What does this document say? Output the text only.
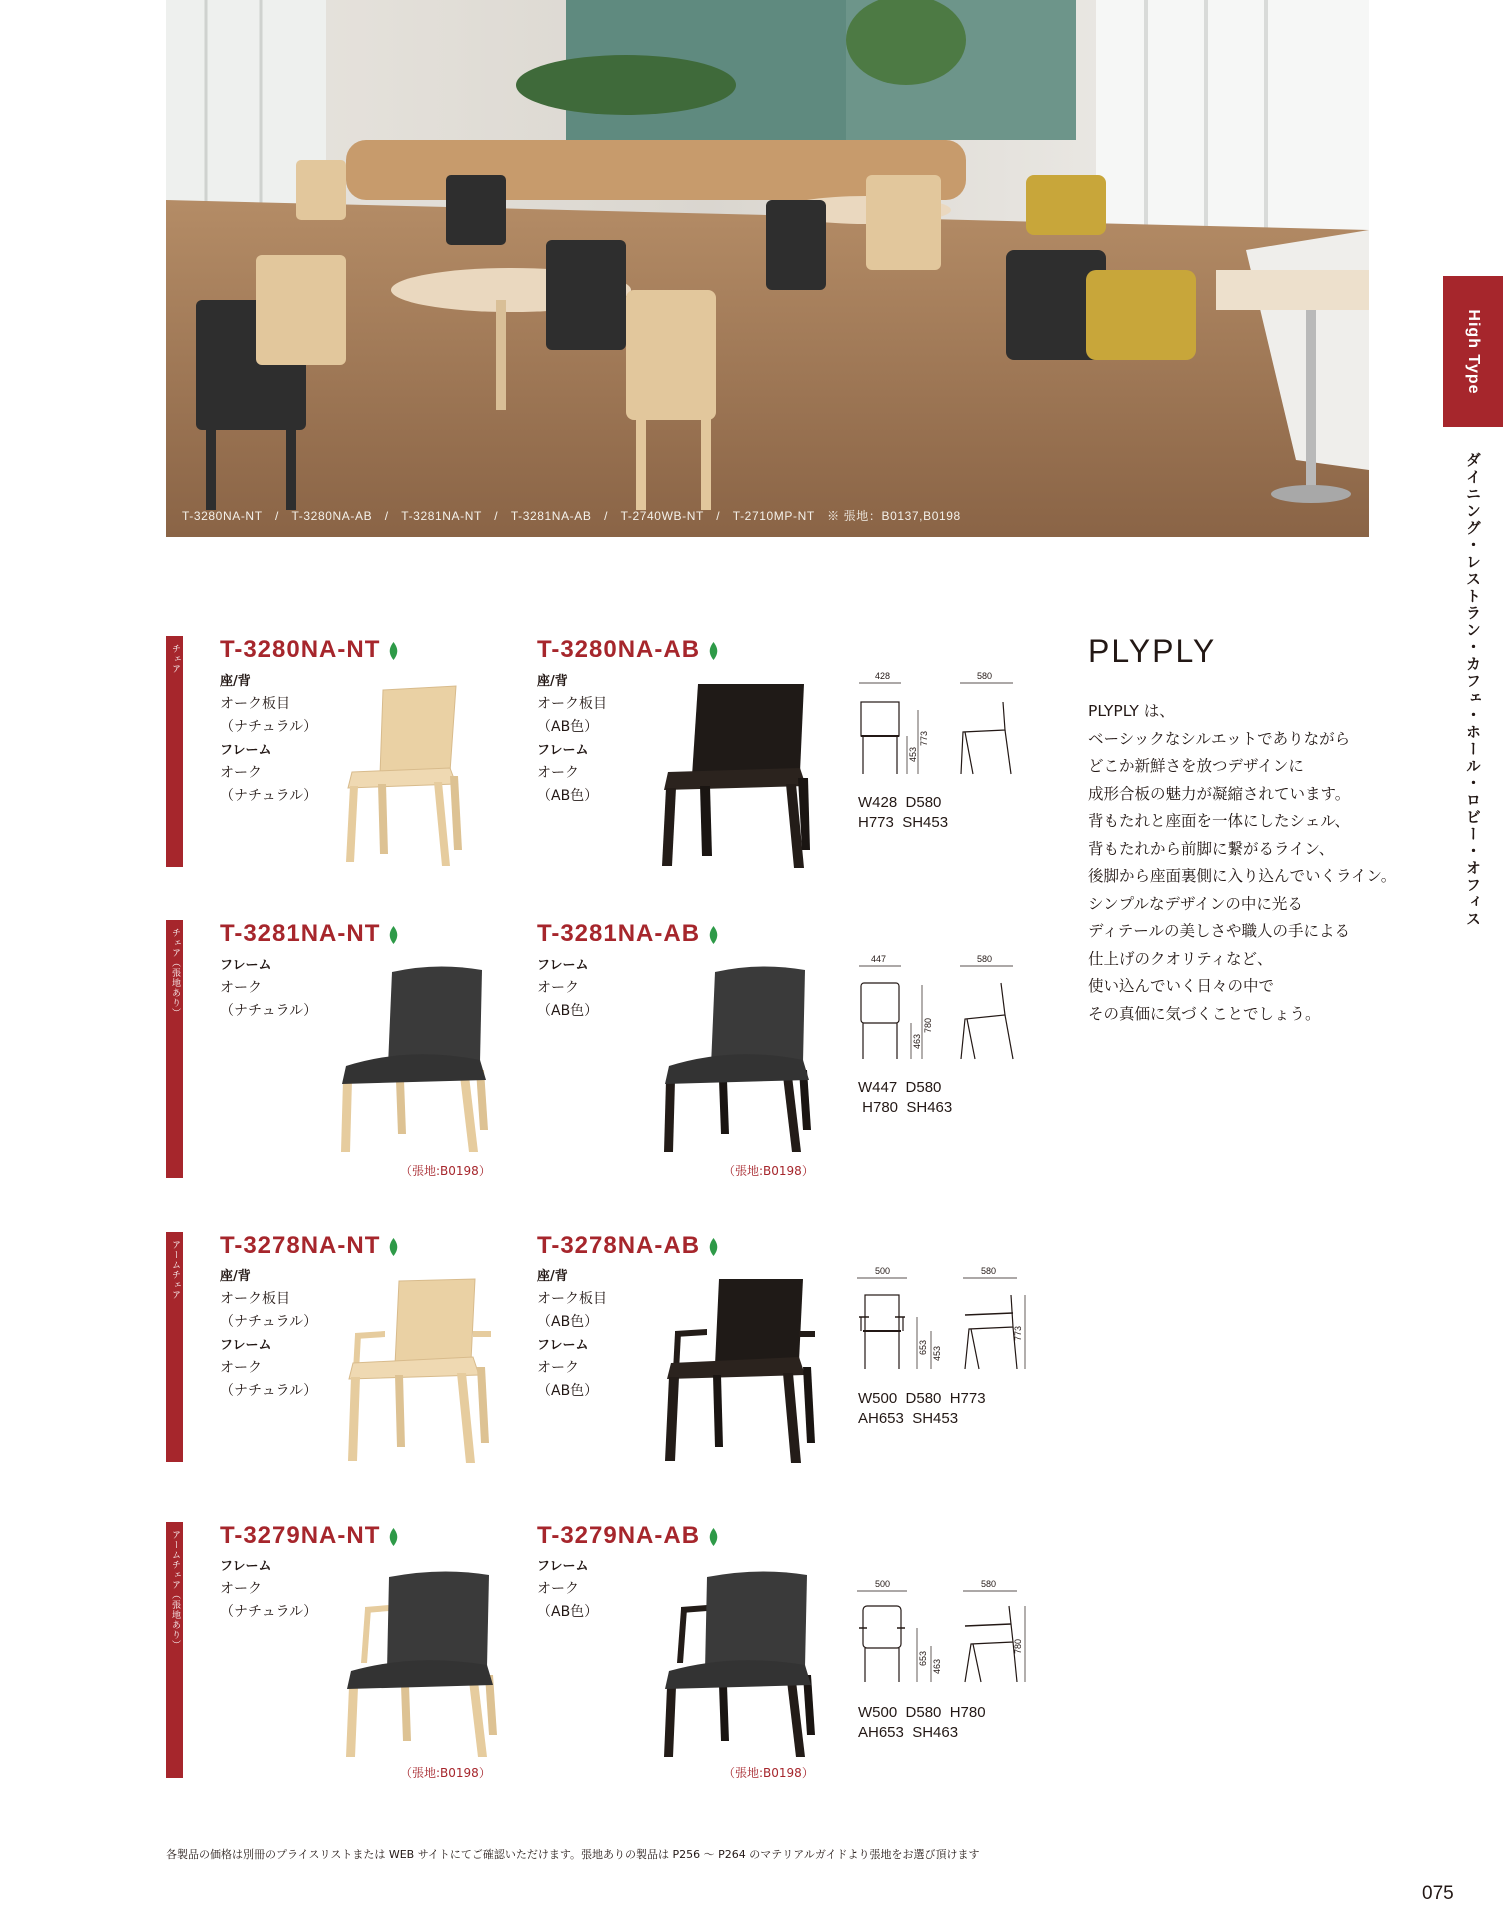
T-3280NA-NT　/　T-3280NA-AB　/　T-3281NA-NT　/　T-3281NA-AB　/　T-2740WB-NT　/　T-2710MP-NT　※ 張地：B0137,B0198
High Type
ダイニング・レストラン・カフェ・ホール・ロビー・オフィス
チェア T-3280NA-NT
座/背
オーク板目
（ナチュラル）
フレーム
オーク
（ナチュラル）
T-3280NA-AB
座/背
オーク板目
（AB色）
フレーム
オーク
（AB色）
428
773
453
580
W428  D580
H773  SH453
チェア（張地あり） T-3281NA-NT
フレーム
オーク
（ナチュラル）
（張地:B0198）
T-3281NA-AB
フレーム
オーク
（AB色）
（張地:B0198）
447
780
463
580
W447  D580
H780  SH463
アームチェア T-3278NA-NT
座/背
オーク板目
（ナチュラル）
フレーム
オーク
（ナチュラル）
T-3278NA-AB
座/背
オーク板目
（AB色）
フレーム
オーク
（AB色）
500
653 453
580
773
W500  D580  H773
AH653  SH453
アームチェア（張地あり） T-3279NA-NT
フレーム
オーク
（ナチュラル）
（張地:B0198）
T-3279NA-AB
フレーム
オーク
（AB色）
（張地:B0198）
500
653
463
580
780
W500  D580  H780
AH653  SH463
PLYPLY
PLYPLY は、
ベーシックなシルエットでありながら
どこか新鮮さを放つデザインに
成形合板の魅力が凝縮されています。
背もたれと座面を一体にしたシェル、
背もたれから前脚に繋がるライン、
後脚から座面裏側に入り込んでいくライン。
シンプルなデザインの中に光る
ディテールの美しさや職人の手による
仕上げのクオリティなど、
使い込んでいく日々の中で
その真価に気づくことでしょう。
各製品の価格は別冊のプライスリストまたは WEB サイトにてご確認いただけます。張地ありの製品は P256 ～ P264 のマテリアルガイドより張地をお選び頂けます
075
